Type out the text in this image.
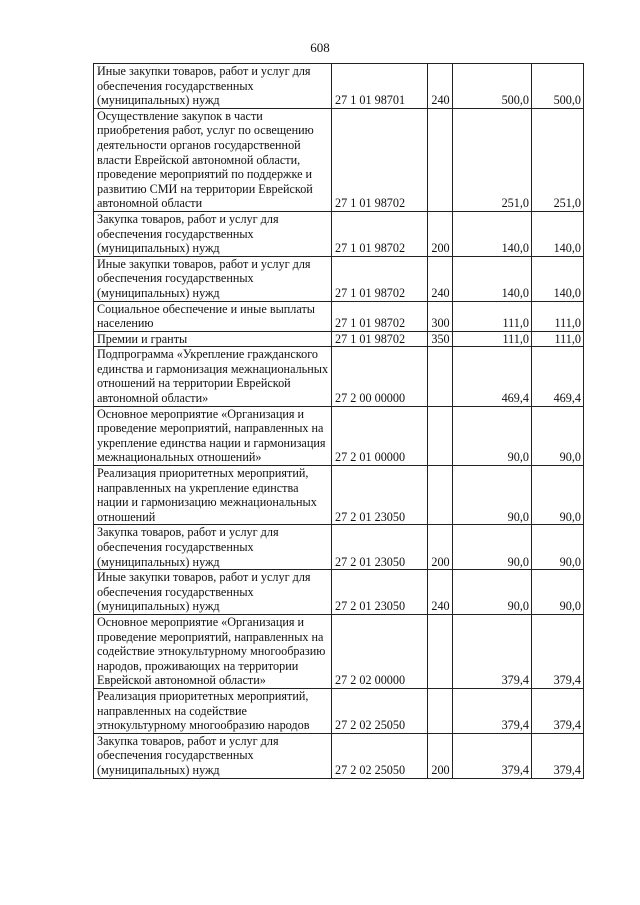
608
Иные закупки товаров, работ и услуг для обеспечения государственных (муниципальных) нужд	27 1 01 98701	240	500,0	500,0
Осуществление закупок в части приобретения работ, услуг по освещению деятельности органов государственной власти Еврейской автономной области, проведение мероприятий по поддержке и развитию СМИ на территории Еврейской автономной области	27 1 01 98702		251,0	251,0
Закупка товаров, работ и услуг для обеспечения государственных (муниципальных) нужд	27 1 01 98702	200	140,0	140,0
Иные закупки товаров, работ и услуг для обеспечения государственных (муниципальных) нужд	27 1 01 98702	240	140,0	140,0
Социальное обеспечение и иные выплаты населению	27 1 01 98702	300	111,0	111,0
Премии и гранты	27 1 01 98702	350	111,0	111,0
Подпрограмма «Укрепление гражданского единства и гармонизация межнациональных отношений на территории Еврейской автономной области»	27 2 00 00000		469,4	469,4
Основное мероприятие «Организация и проведение мероприятий, направленных на укрепление единства нации и гармонизация межнациональных отношений»	27 2 01 00000		90,0	90,0
Реализация приоритетных мероприятий, направленных на укрепление единства нации и гармонизацию межнациональных отношений	27 2 01 23050		90,0	90,0
Закупка товаров, работ и услуг для обеспечения государственных (муниципальных) нужд	27 2 01 23050	200	90,0	90,0
Иные закупки товаров, работ и услуг для обеспечения государственных (муниципальных) нужд	27 2 01 23050	240	90,0	90,0
Основное мероприятие «Организация и проведение мероприятий, направленных на содействие этнокультурному многообразию народов, проживающих на территории Еврейской автономной области»	27 2 02 00000		379,4	379,4
Реализация приоритетных мероприятий, направленных на содействие этнокультурному многообразию народов	27 2 02 25050		379,4	379,4
Закупка товаров, работ и услуг для обеспечения государственных (муниципальных) нужд	27 2 02 25050	200	379,4	379,4
